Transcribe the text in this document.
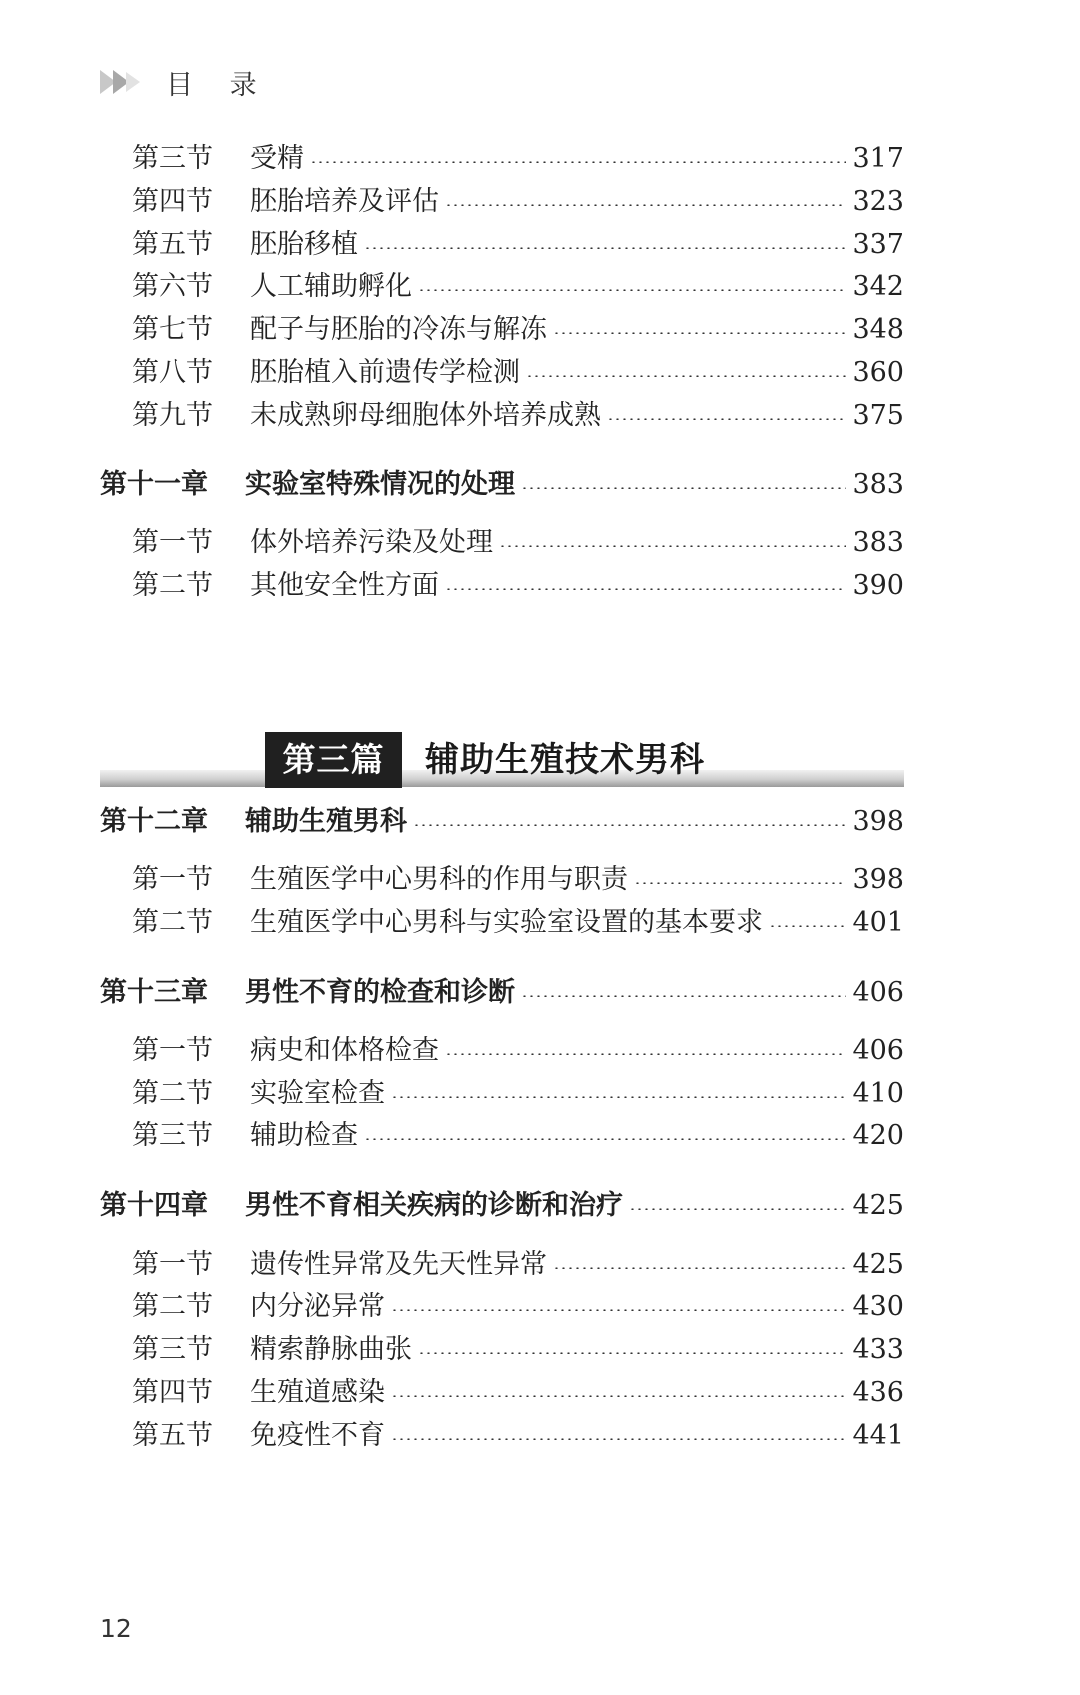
目 录
第三节	受精	317
第四节	胚胎培养及评估	323
第五节	胚胎移植	337
第六节	人工辅助孵化	342
第七节	配子与胚胎的冷冻与解冻	348
第八节	胚胎植入前遗传学检测	360
第九节	未成熟卵母细胞体外培养成熟	375
第十一章	实验室特殊情况的处理	383
第一节	体外培养污染及处理	383
第二节	其他安全性方面	390
第三篇	辅助生殖技术男科
第十二章	辅助生殖男科	398
第一节	生殖医学中心男科的作用与职责	398
第二节	生殖医学中心男科与实验室设置的基本要求	401
第十三章	男性不育的检查和诊断	406
第一节	病史和体格检查	406
第二节	实验室检查	410
第三节	辅助检查	420
第十四章	男性不育相关疾病的诊断和治疗	425
第一节	遗传性异常及先天性异常	425
第二节	内分泌异常	430
第三节	精索静脉曲张	433
第四节	生殖道感染	436
第五节	免疫性不育	441
12
